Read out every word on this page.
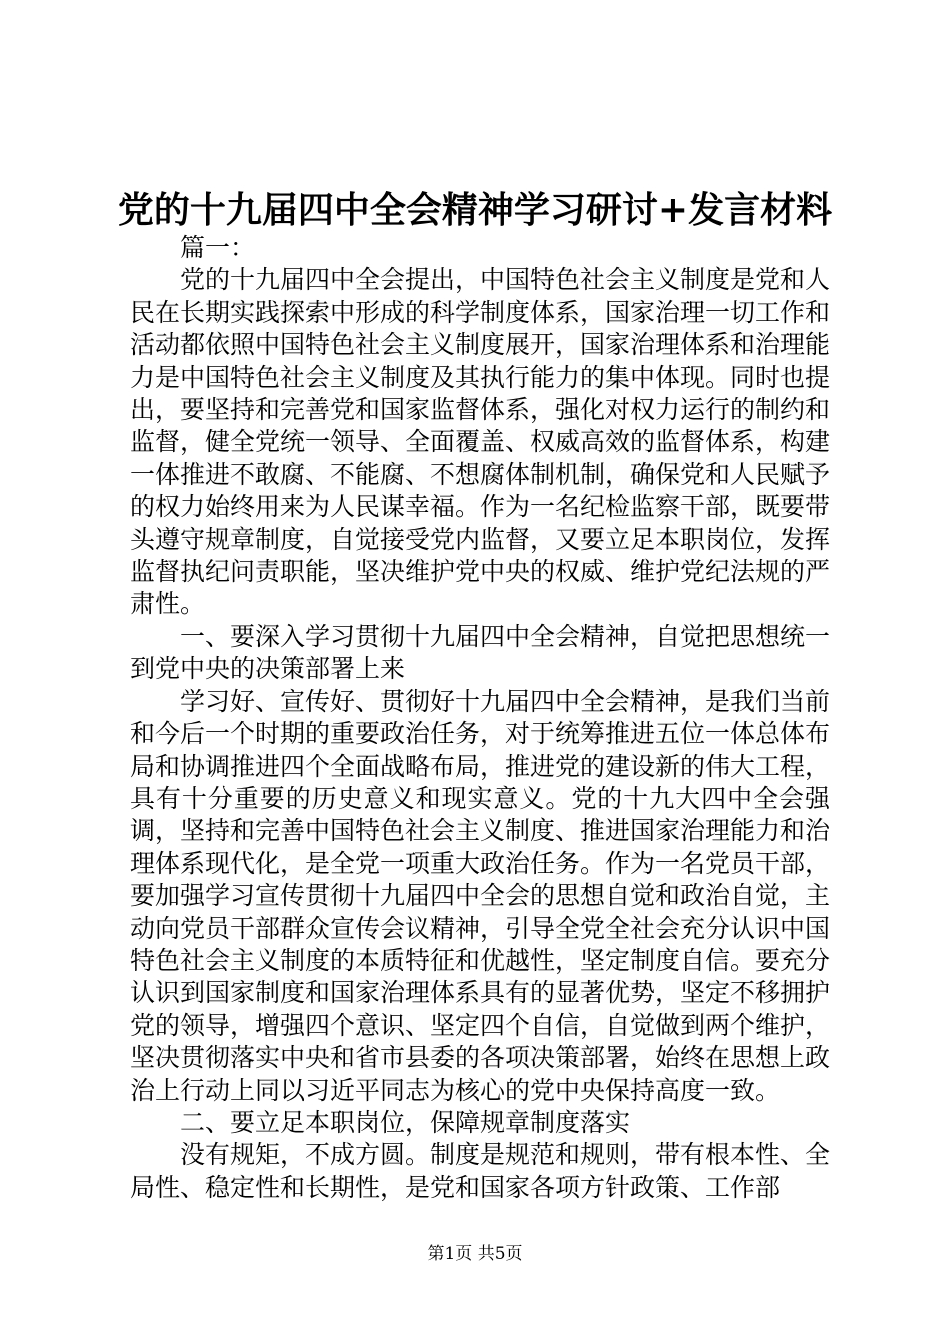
党的十九届四中全会精神学习研讨+发言材料

篇一：

党的十九届四中全会提出，中国特色社会主义制度是党和人民在长期实践探索中形成的科学制度体系，国家治理一切工作和活动都依照中国特色社会主义制度展开，国家治理体系和治理能力是中国特色社会主义制度及其执行能力的集中体现。同时也提出，要坚持和完善党和国家监督体系，强化对权力运行的制约和监督，健全党统一领导、全面覆盖、权威高效的监督体系，构建一体推进不敢腐、不能腐、不想腐体制机制，确保党和人民赋予的权力始终用来为人民谋幸福。作为一名纪检监察干部，既要带头遵守规章制度，自觉接受党内监督，又要立足本职岗位，发挥监督执纪问责职能，坚决维护党中央的权威、维护党纪法规的严肃性。

一、要深入学习贯彻十九届四中全会精神，自觉把思想统一到党中央的决策部署上来

学习好、宣传好、贯彻好十九届四中全会精神，是我们当前和今后一个时期的重要政治任务，对于统筹推进五位一体总体布局和协调推进四个全面战略布局，推进党的建设新的伟大工程，具有十分重要的历史意义和现实意义。党的十九大四中全会强调，坚持和完善中国特色社会主义制度、推进国家治理能力和治理体系现代化，是全党一项重大政治任务。作为一名党员干部，要加强学习宣传贯彻十九届四中全会的思想自觉和政治自觉，主动向党员干部群众宣传会议精神，引导全党全社会充分认识中国特色社会主义制度的本质特征和优越性，坚定制度自信。要充分认识到国家制度和国家治理体系具有的显著优势，坚定不移拥护党的领导，增强四个意识、坚定四个自信，自觉做到两个维护，坚决贯彻落实中央和省市县委的各项决策部署，始终在思想上政治上行动上同以习近平同志为核心的党中央保持高度一致。

二、要立足本职岗位，保障规章制度落实

没有规矩，不成方圆。制度是规范和规则，带有根本性、全局性、稳定性和长期性，是党和国家各项方针政策、工作部

第1页 共5页
